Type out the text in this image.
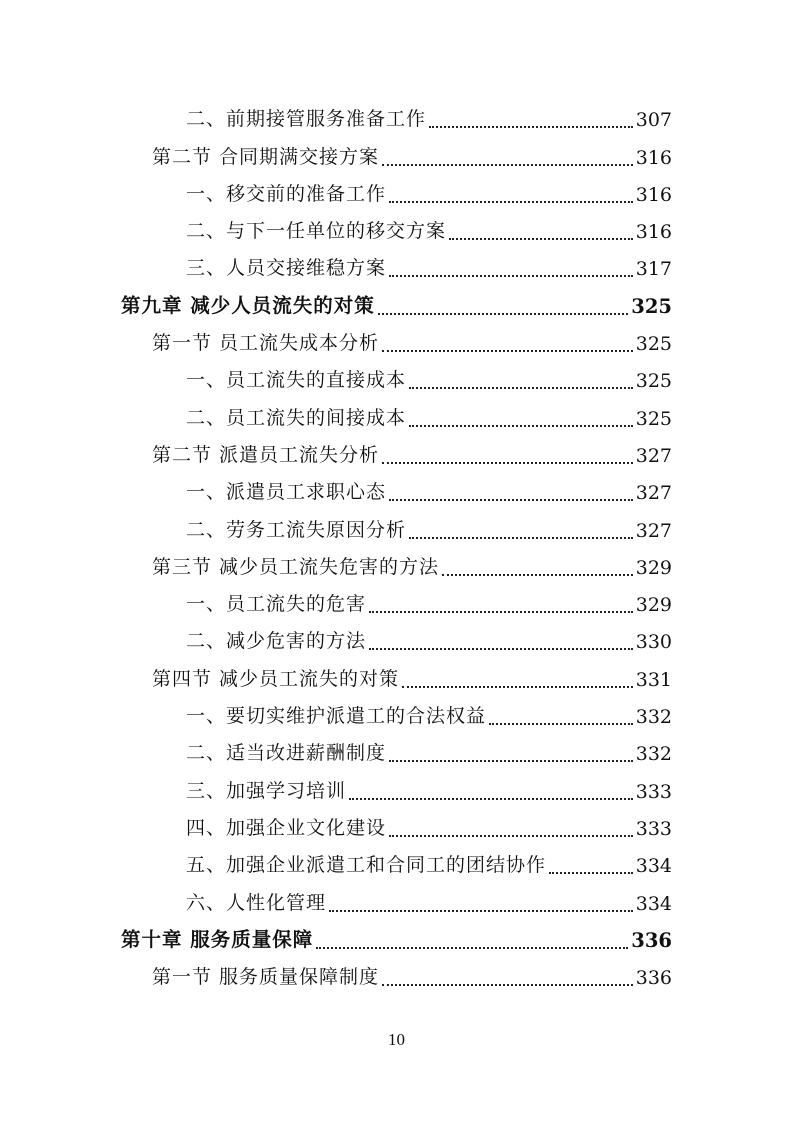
二、前期接管服务准备工作	307
第二节 合同期满交接方案	316
一、移交前的准备工作	316
二、与下一任单位的移交方案	316
三、人员交接维稳方案	317
第九章 减少人员流失的对策	325
第一节 员工流失成本分析	325
一、员工流失的直接成本	325
二、员工流失的间接成本	325
第二节 派遣员工流失分析	327
一、派遣员工求职心态	327
二、劳务工流失原因分析	327
第三节 减少员工流失危害的方法	329
一、员工流失的危害	329
二、减少危害的方法	330
第四节 减少员工流失的对策	331
一、要切实维护派遣工的合法权益	332
二、适当改进薪酬制度	332
三、加强学习培训	333
四、加强企业文化建设	333
五、加强企业派遣工和合同工的团结协作	334
六、人性化管理	334
第十章 服务质量保障	336
第一节 服务质量保障制度	336
10
